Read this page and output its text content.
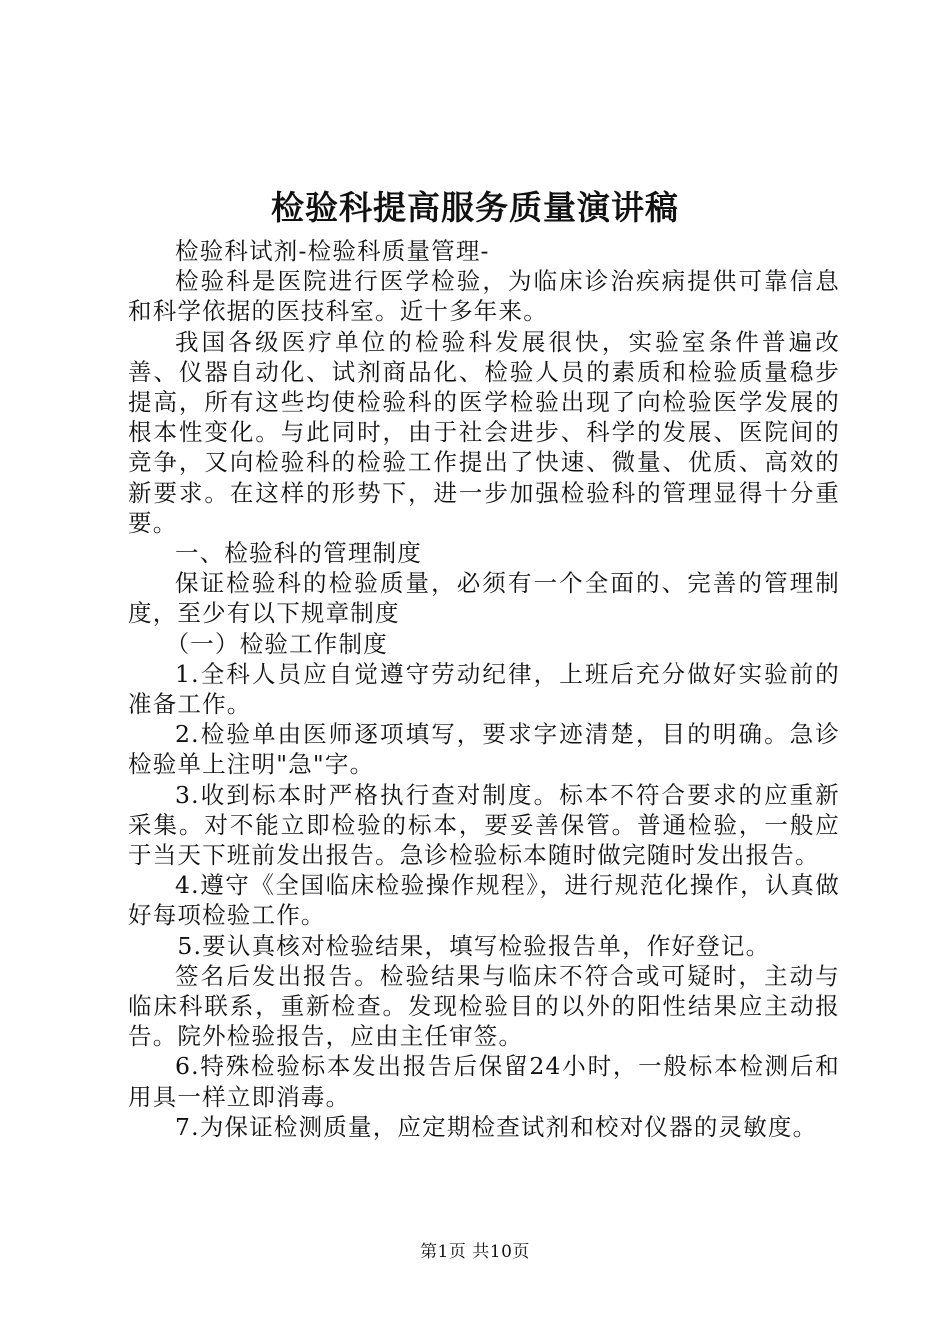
检验科提高服务质量演讲稿

检验科试剂-检验科质量管理-

检验科是医院进行医学检验，为临床诊治疾病提供可靠信息和科学依据的医技科室。近十多年来。

我国各级医疗单位的检验科发展很快，实验室条件普遍改善、仪器自动化、试剂商品化、检验人员的素质和检验质量稳步提高，所有这些均使检验科的医学检验出现了向检验医学发展的根本性变化。与此同时，由于社会进步、科学的发展、医院间的竞争，又向检验科的检验工作提出了快速、微量、优质、高效的新要求。在这样的形势下，进一步加强检验科的管理显得十分重要。

一、检验科的管理制度

保证检验科的检验质量，必须有一个全面的、完善的管理制度，至少有以下规章制度

（一）检验工作制度

1.全科人员应自觉遵守劳动纪律，上班后充分做好实验前的准备工作。

2.检验单由医师逐项填写，要求字迹清楚，目的明确。急诊检验单上注明"急"字。

3.收到标本时严格执行查对制度。标本不符合要求的应重新采集。对不能立即检验的标本，要妥善保管。普通检验，一般应于当天下班前发出报告。急诊检验标本随时做完随时发出报告。

4.遵守《全国临床检验操作规程》，进行规范化操作，认真做好每项检验工作。

5.要认真核对检验结果，填写检验报告单，作好登记。

签名后发出报告。检验结果与临床不符合或可疑时，主动与临床科联系，重新检查。发现检验目的以外的阳性结果应主动报告。院外检验报告，应由主任审签。

6.特殊检验标本发出报告后保留24小时，一般标本检测后和用具一样立即消毒。

7.为保证检测质量，应定期检查试剂和校对仪器的灵敏度。

第1页 共10页
